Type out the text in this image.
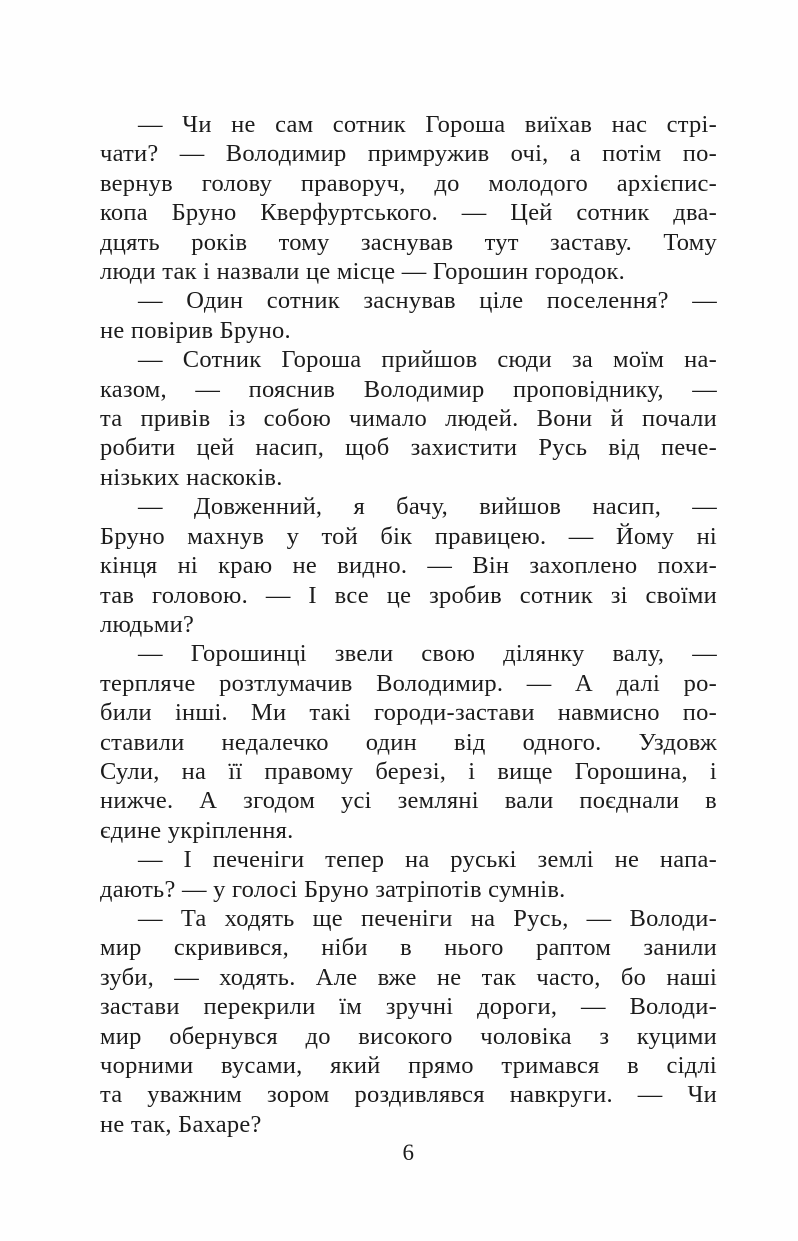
— Чи не сам сотник Гороша виїхав нас стрі-
чати? — Володимир примружив очі, а потім по-
вернув голову праворуч, до молодого архієпис-
копа Бруно Кверфуртського. — Цей сотник два-
дцять років тому заснував тут заставу. Тому
люди так і назвали це місце — Горошин городок.

— Один сотник заснував ціле поселення? —
не повірив Бруно.

— Сотник Гороша прийшов сюди за моїм на-
казом, — пояснив Володимир проповіднику, —
та привів із собою чимало людей. Вони й почали
робити цей насип, щоб захистити Русь від пече-
нізьких наскоків.

— Довженний, я бачу, вийшов насип, —
Бруно махнув у той бік правицею. — Йому ні
кінця ні краю не видно. — Він захоплено похи-
тав головою. — І все це зробив сотник зі своїми
людьми?

— Горошинці звели свою ділянку валу, —
терпляче розтлумачив Володимир. — А далі ро-
били інші. Ми такі городи-застави навмисно по-
ставили недалечко один від одного. Уздовж
Сули, на її правому березі, і вище Горошина, і
нижче. А згодом усі земляні вали поєднали в
єдине укріплення.

— І печеніги тепер на руські землі не напа-
дають? — у голосі Бруно затріпотів сумнів.

— Та ходять ще печеніги на Русь, — Володи-
мир скривився, ніби в нього раптом занили
зуби, — ходять. Але вже не так часто, бо наші
застави перекрили їм зручні дороги, — Володи-
мир обернувся до високого чоловіка з куцими
чорними вусами, який прямо тримався в сідлі
та уважним зором роздивлявся навкруги. — Чи
не так, Бахаре?

6
